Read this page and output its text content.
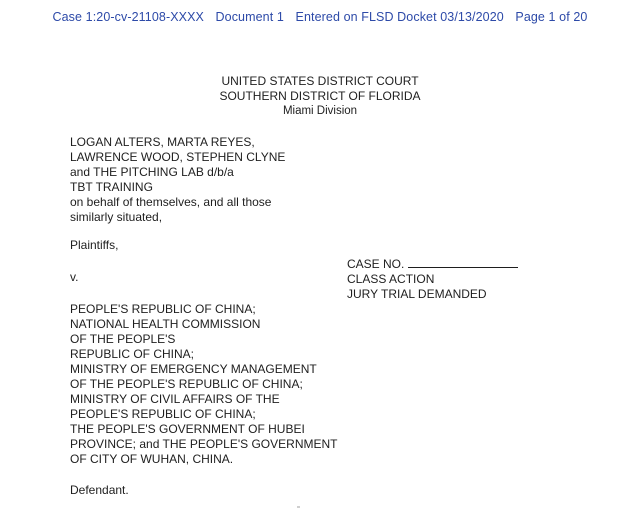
Case 1:20-cv-21108-XXXX Document 1 Entered on FLSD Docket 03/13/2020 Page 1 of 20
UNITED STATES DISTRICT COURT
SOUTHERN DISTRICT OF FLORIDA
Miami Division
LOGAN ALTERS, MARTA REYES,
LAWRENCE WOOD, STEPHEN CLYNE
and THE PITCHING LAB d/b/a
TBT TRAINING
on behalf of themselves, and all those
similarly situated,
Plaintiffs,
v.
CASE NO.
CLASS ACTION
JURY TRIAL DEMANDED
PEOPLE'S REPUBLIC OF CHINA;
NATIONAL HEALTH COMMISSION
OF THE PEOPLE'S
REPUBLIC OF CHINA;
MINISTRY OF EMERGENCY MANAGEMENT
OF THE PEOPLE'S REPUBLIC OF CHINA;
MINISTRY OF CIVIL AFFAIRS OF THE
PEOPLE'S REPUBLIC OF CHINA;
THE PEOPLE'S GOVERNMENT OF HUBEI
PROVINCE; and THE PEOPLE'S GOVERNMENT
OF CITY OF WUHAN, CHINA.
Defendant.
